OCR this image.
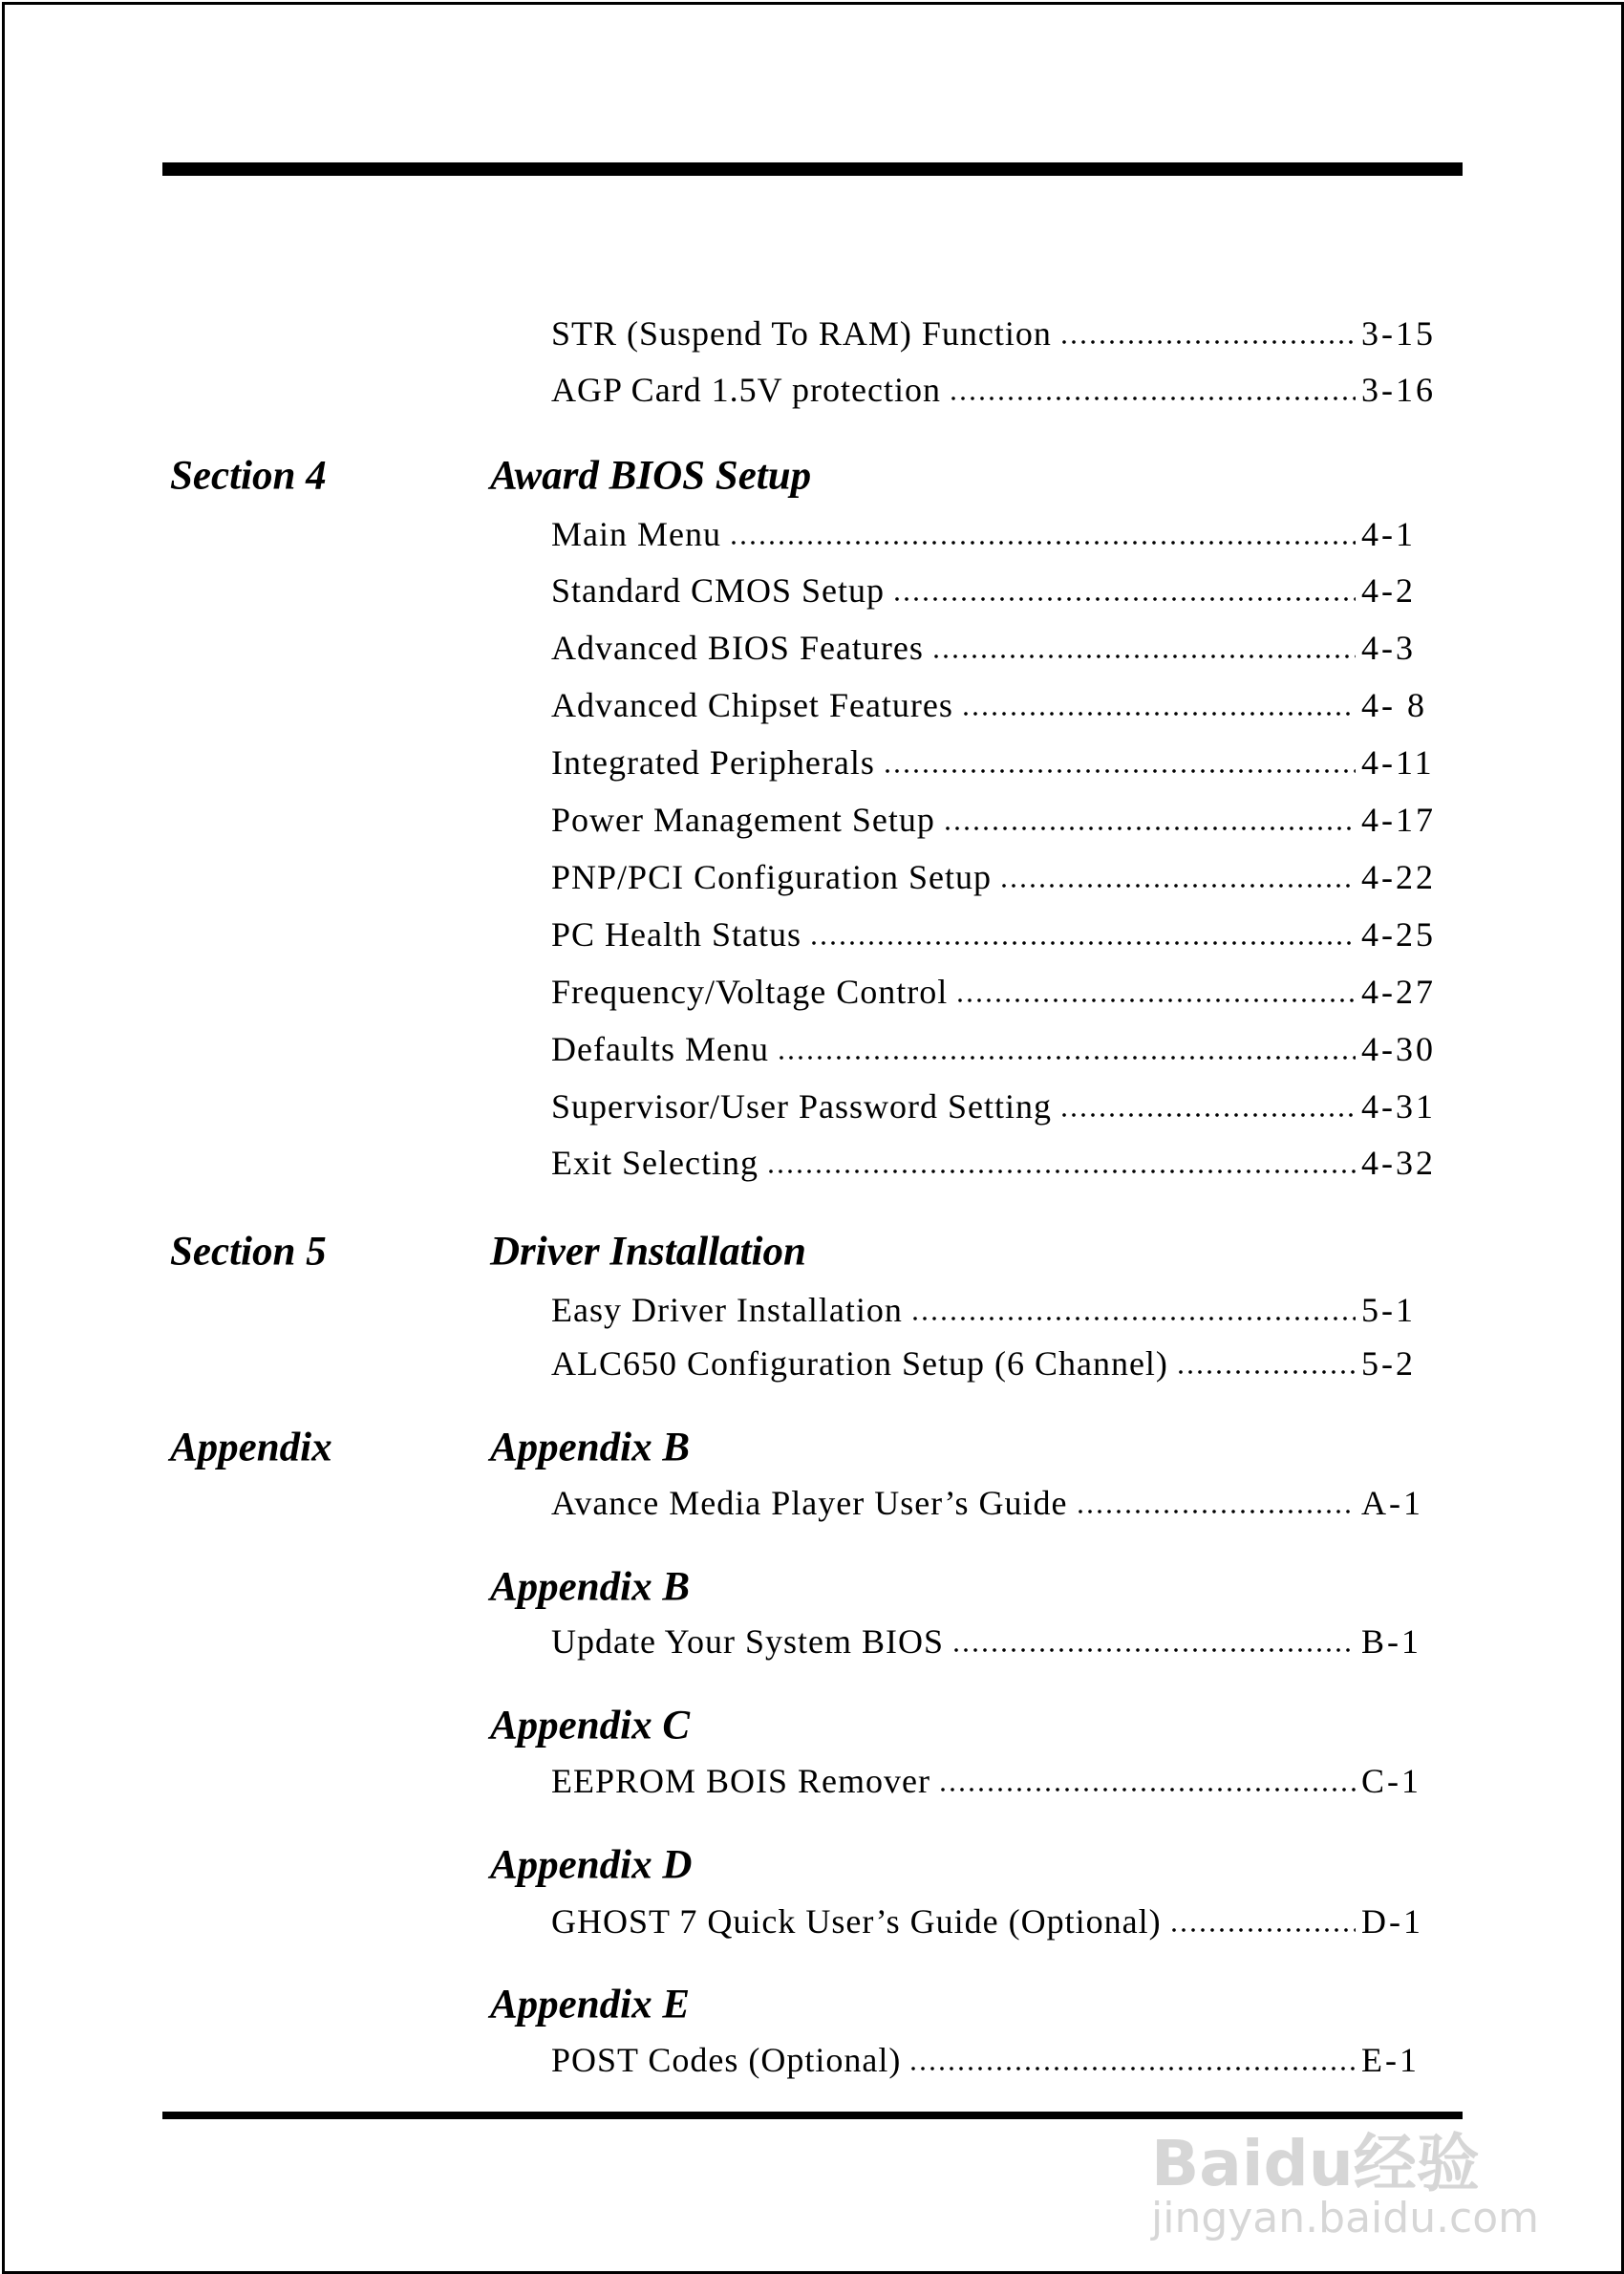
STR (Suspend To RAM) Function	3-15
AGP Card 1.5V protection	3-16
Section 4	Award BIOS Setup
Main Menu	4-1
Standard CMOS Setup	4-2
Advanced BIOS Features	4-3
Advanced Chipset Features	4- 8
Integrated Peripherals	4-11
Power Management Setup	4-17
PNP/PCI Configuration Setup	4-22
PC Health Status	4-25
Frequency/Voltage Control	4-27
Defaults Menu	4-30
Supervisor/User Password Setting	4-31
Exit Selecting	4-32
Section 5	Driver Installation
Easy Driver Installation	5-1
ALC650 Configuration Setup (6 Channel)	5-2
Appendix	Appendix B
Avance Media Player User’s Guide	A-1
Appendix B
Update Your System BIOS	B-1
Appendix C
EEPROM BOIS Remover	C-1
Appendix D
GHOST 7 Quick User’s Guide (Optional)	D-1
Appendix E
POST Codes (Optional)	E-1
Baidu经验
jingyan.baidu.com
